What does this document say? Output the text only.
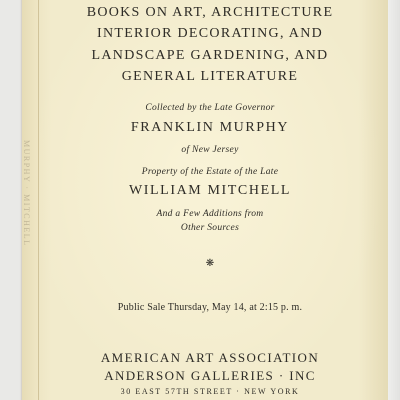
MURPHY · MITCHELL
BOOKS ON ART, ARCHITECTURE
INTERIOR DECORATING, AND
LANDSCAPE GARDENING, AND
GENERAL LITERATURE
Collected by the Late Governor
FRANKLIN MURPHY
of New Jersey
Property of the Estate of the Late
WILLIAM MITCHELL
And a Few Additions from
Other Sources
❋
Public Sale Thursday, May 14, at 2:15 p. m.
AMERICAN ART ASSOCIATION
ANDERSON GALLERIES · INC
30 EAST 57TH STREET · NEW YORK
